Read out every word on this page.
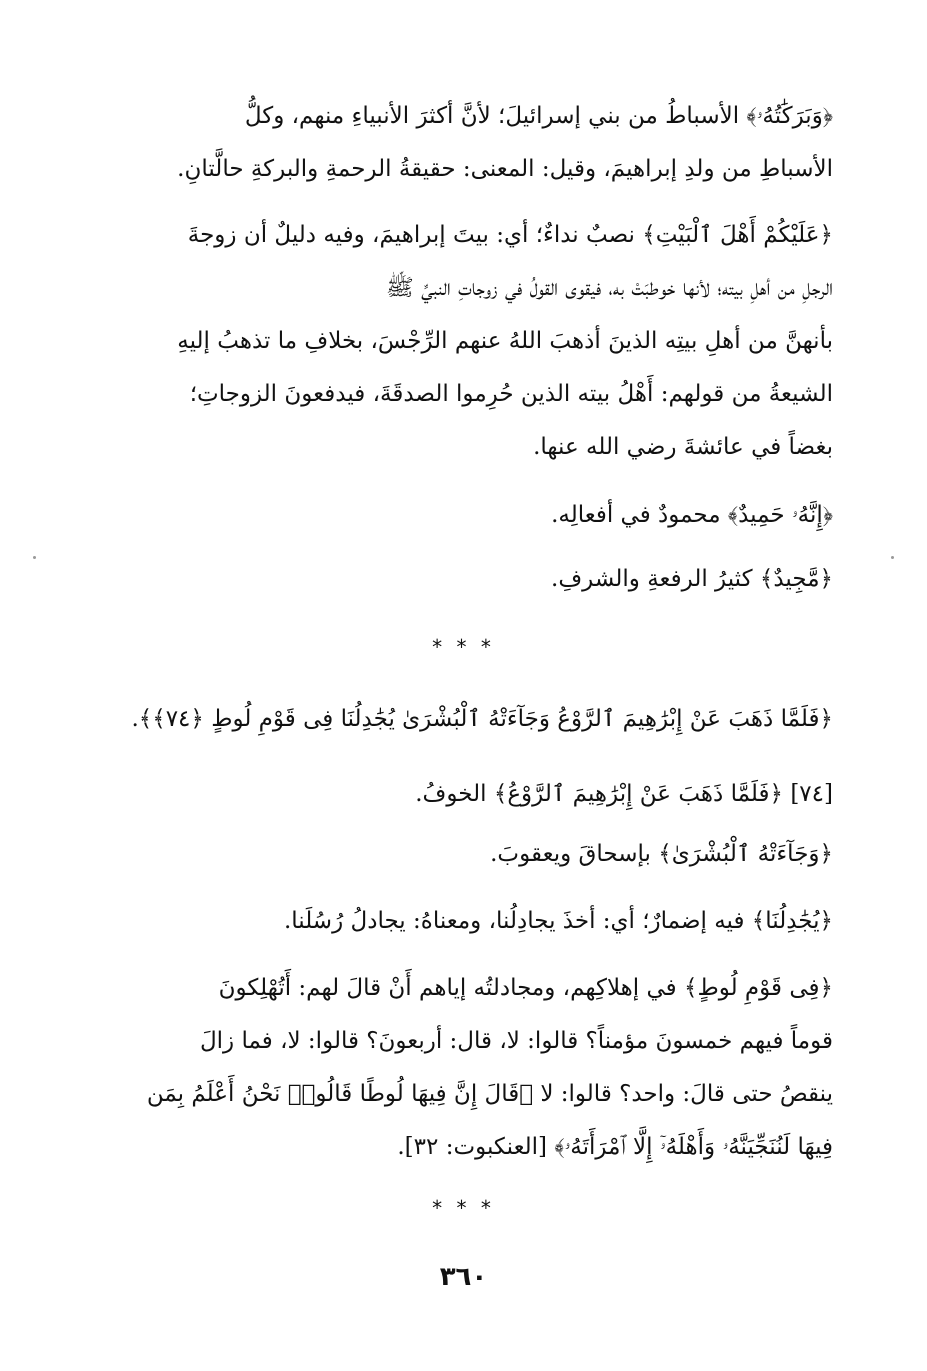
﴿وَبَرَكَٰتُهُۥ﴾ الأسباطُ من بني إسرائيلَ؛ لأنَّ أكثرَ الأنبياءِ منهم، وكلُّ
الأسباطِ من ولدِ إبراهيمَ، وقيل: المعنى: حقيقةُ الرحمةِ والبركةِ حالَّتانِ.
﴿عَلَيْكُمْ أَهْلَ ٱلْبَيْتِ﴾ نصبٌ نداءٌ؛ أي: بيتَ إبراهيمَ، وفيه دليلٌ أن زوجةَ
الرجلِ من أهلِ بيته؛ لأنها خوطبَتْ به، فيقوى القولُ في زوجاتِ النبيِّ ﷺ
بأنهنَّ من أهلِ بيتِه الذينَ أذهبَ اللهُ عنهم الرِّجْسَ، بخلافِ ما تذهبُ إليهِ
الشيعةُ من قولهم: أَهْلُ بيته الذين حُرِموا الصدقَةَ، فيدفعونَ الزوجاتِ؛
بغضاً في عائشةَ رضي الله عنها.
﴿إِنَّهُۥ حَمِيدٌ﴾ محمودٌ في أفعالِه.
﴿مَّجِيدٌ﴾ كثيرُ الرفعةِ والشرفِ.
* * *
﴿فَلَمَّا ذَهَبَ عَنْ إِبْرَٰهِيمَ ٱلرَّوْعُ وَجَآءَتْهُ ٱلْبُشْرَىٰ يُجَٰدِلُنَا فِى قَوْمِ لُوطٍ ﴿٧٤﴾﴾.
[٧٤] ﴿فَلَمَّا ذَهَبَ عَنْ إِبْرَٰهِيمَ ٱلرَّوْعُ﴾ الخوفُ.
﴿وَجَآءَتْهُ ٱلْبُشْرَىٰ﴾ بإسحاقَ ويعقوبَ.
﴿يُجَٰدِلُنَا﴾ فيه إضمارٌ؛ أي: أخذَ يجادِلُنا، ومعناهُ: يجادلُ رُسُلَنا.
﴿فِى قَوْمِ لُوطٍ﴾ في إهلاكِهم، ومجادلتُه إياهم أَنْ قالَ لهم: أَتُهْلِكونَ
قوماً فيهم خمسونَ مؤمناً؟ قالوا: لا، قال: أربعونَ؟ قالوا: لا، فما زالَ
ينقصُ حتى قالَ: واحد؟ قالوا: لا ﴿قَالَ إِنَّ فِيهَا لُوطًا قَالُوا۟ نَحْنُ أَعْلَمُ بِمَن
فِيهَا لَنُنَجِّيَنَّهُۥ وَأَهْلَهُۥٓ إِلَّا ٱمْرَأَتَهُۥ﴾ [العنكبوت: ٣٢].
* * *
٣٦٠
